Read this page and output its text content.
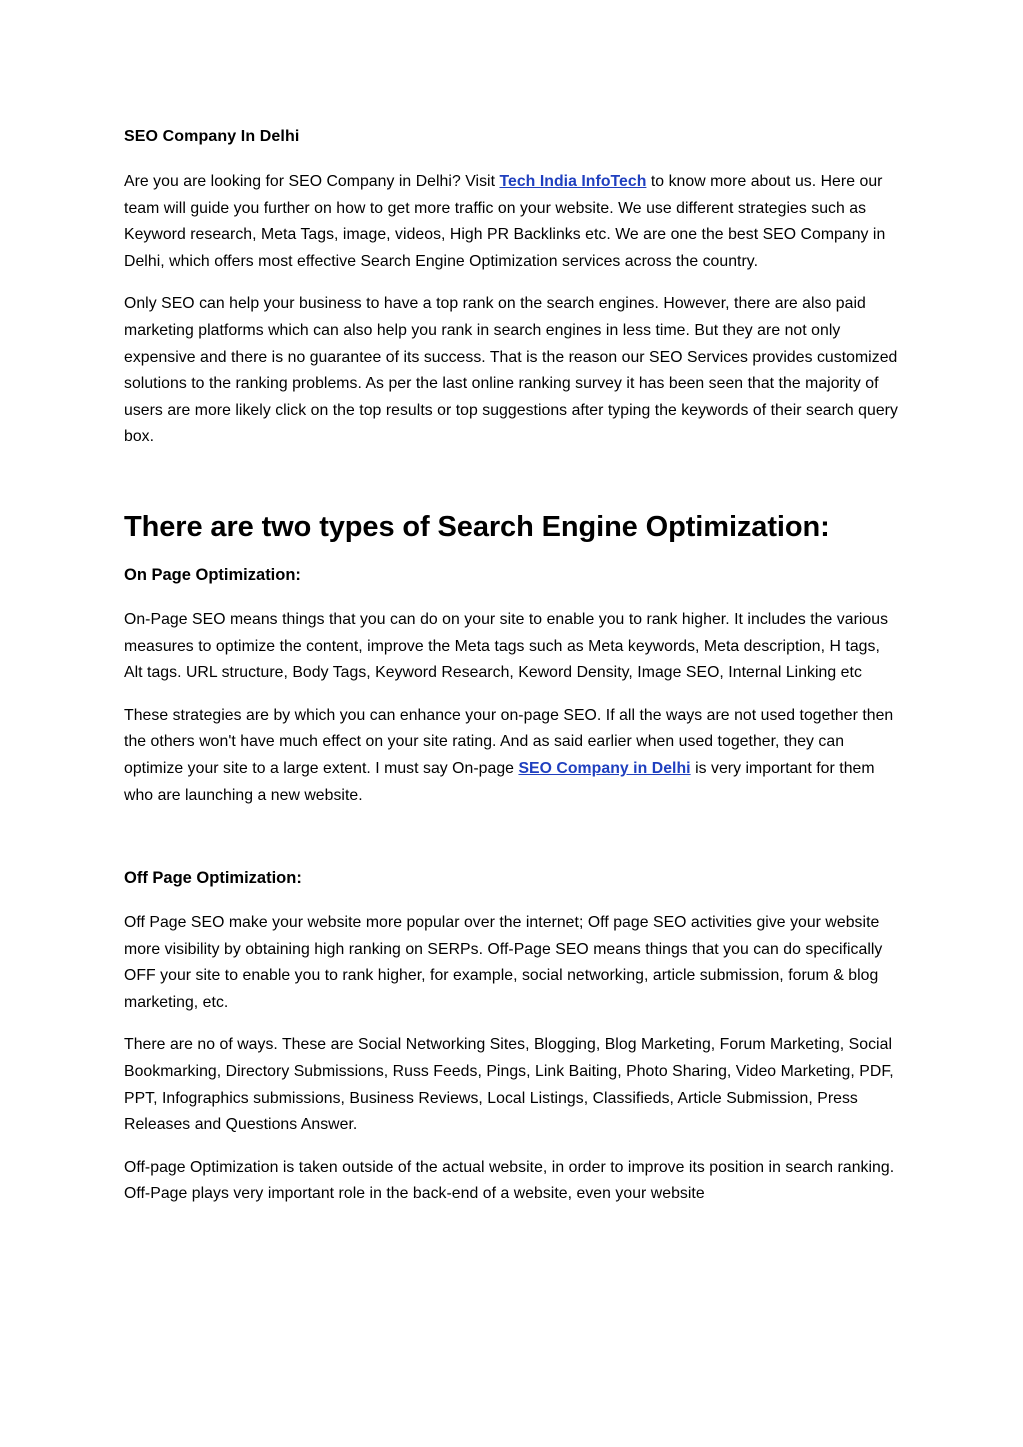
SEO Company In Delhi

Are you are looking for SEO Company in Delhi? Visit Tech India InfoTech to know more about us. Here our team will guide you further on how to get more traffic on your website. We use different strategies such as Keyword research, Meta Tags, image, videos, High PR Backlinks etc. We are one the best SEO Company in Delhi, which offers most effective Search Engine Optimization services across the country.

Only SEO can help your business to have a top rank on the search engines. However, there are also paid marketing platforms which can also help you rank in search engines in less time. But they are not only expensive and there is no guarantee of its success. That is the reason our SEO Services provides customized solutions to the ranking problems. As per the last online ranking survey it has been seen that the majority of users are more likely click on the top results or top suggestions after typing the keywords of their search query box.

There are two types of Search Engine Optimization:
On Page Optimization:

On-Page SEO means things that you can do on your site to enable you to rank higher. It includes the various measures to optimize the content, improve the Meta tags such as Meta keywords, Meta description, H tags, Alt tags. URL structure, Body Tags, Keyword Research, Keword Density, Image SEO, Internal Linking etc

These strategies are by which you can enhance your on-page SEO. If all the ways are not used together then the others won't have much effect on your site rating. And as said earlier when used together, they can optimize your site to a large extent. I must say On-page SEO Company in Delhi is very important for them who are launching a new website.

Off Page Optimization:

Off Page SEO make your website more popular over the internet; Off page SEO activities give your website more visibility by obtaining high ranking on SERPs. Off-Page SEO means things that you can do specifically OFF your site to enable you to rank higher, for example, social networking, article submission, forum & blog marketing, etc.

There are no of ways. These are Social Networking Sites, Blogging, Blog Marketing, Forum Marketing, Social Bookmarking, Directory Submissions, Russ Feeds, Pings, Link Baiting, Photo Sharing, Video Marketing, PDF, PPT, Infographics submissions, Business Reviews, Local Listings, Classifieds, Article Submission, Press Releases and Questions Answer.

Off-page Optimization is taken outside of the actual website, in order to improve its position in search ranking. Off-Page plays very important role in the back-end of a website, even your website
